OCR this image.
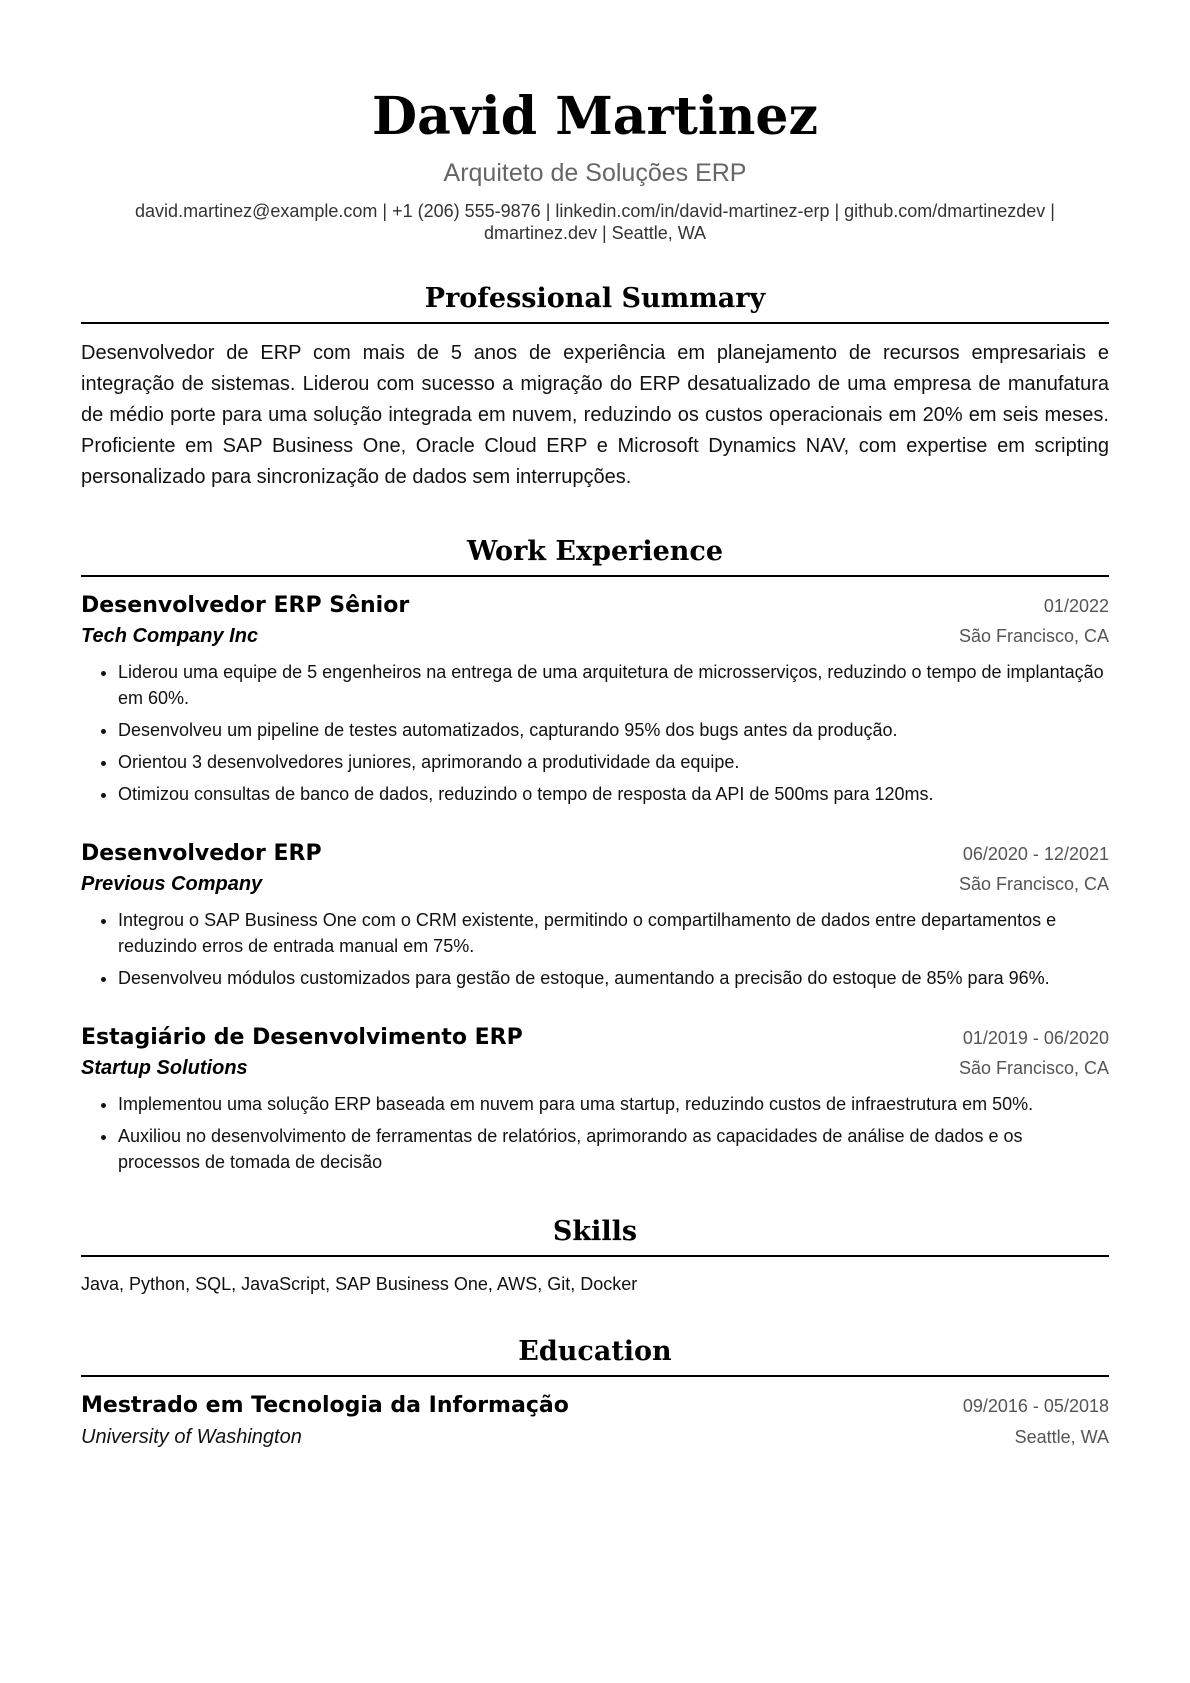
David Martinez
Arquiteto de Soluções ERP
david.martinez@example.com | +1 (206) 555-9876 | linkedin.com/in/david-martinez-erp | github.com/dmartinezdev |
dmartinez.dev | Seattle, WA
Professional Summary
Desenvolvedor de ERP com mais de 5 anos de experiência em planejamento de recursos empresariais e integração de sistemas. Liderou com sucesso a migração do ERP desatualizado de uma empresa de manufatura de médio porte para uma solução integrada em nuvem, reduzindo os custos operacionais em 20% em seis meses. Proficiente em SAP Business One, Oracle Cloud ERP e Microsoft Dynamics NAV, com expertise em scripting personalizado para sincronização de dados sem interrupções.
Work Experience
Desenvolvedor ERP Sênior	01/2022
Tech Company Inc	São Francisco, CA
• Liderou uma equipe de 5 engenheiros na entrega de uma arquitetura de microsserviços, reduzindo o tempo de implantação em 60%.
• Desenvolveu um pipeline de testes automatizados, capturando 95% dos bugs antes da produção.
• Orientou 3 desenvolvedores juniores, aprimorando a produtividade da equipe.
• Otimizou consultas de banco de dados, reduzindo o tempo de resposta da API de 500ms para 120ms.
Desenvolvedor ERP	06/2020 - 12/2021
Previous Company	São Francisco, CA
• Integrou o SAP Business One com o CRM existente, permitindo o compartilhamento de dados entre departamentos e reduzindo erros de entrada manual em 75%.
• Desenvolveu módulos customizados para gestão de estoque, aumentando a precisão do estoque de 85% para 96%.
Estagiário de Desenvolvimento ERP	01/2019 - 06/2020
Startup Solutions	São Francisco, CA
• Implementou uma solução ERP baseada em nuvem para uma startup, reduzindo custos de infraestrutura em 50%.
• Auxiliou no desenvolvimento de ferramentas de relatórios, aprimorando as capacidades de análise de dados e os processos de tomada de decisão
Skills
Java, Python, SQL, JavaScript, SAP Business One, AWS, Git, Docker
Education
Mestrado em Tecnologia da Informação	09/2016 - 05/2018
University of Washington	Seattle, WA
